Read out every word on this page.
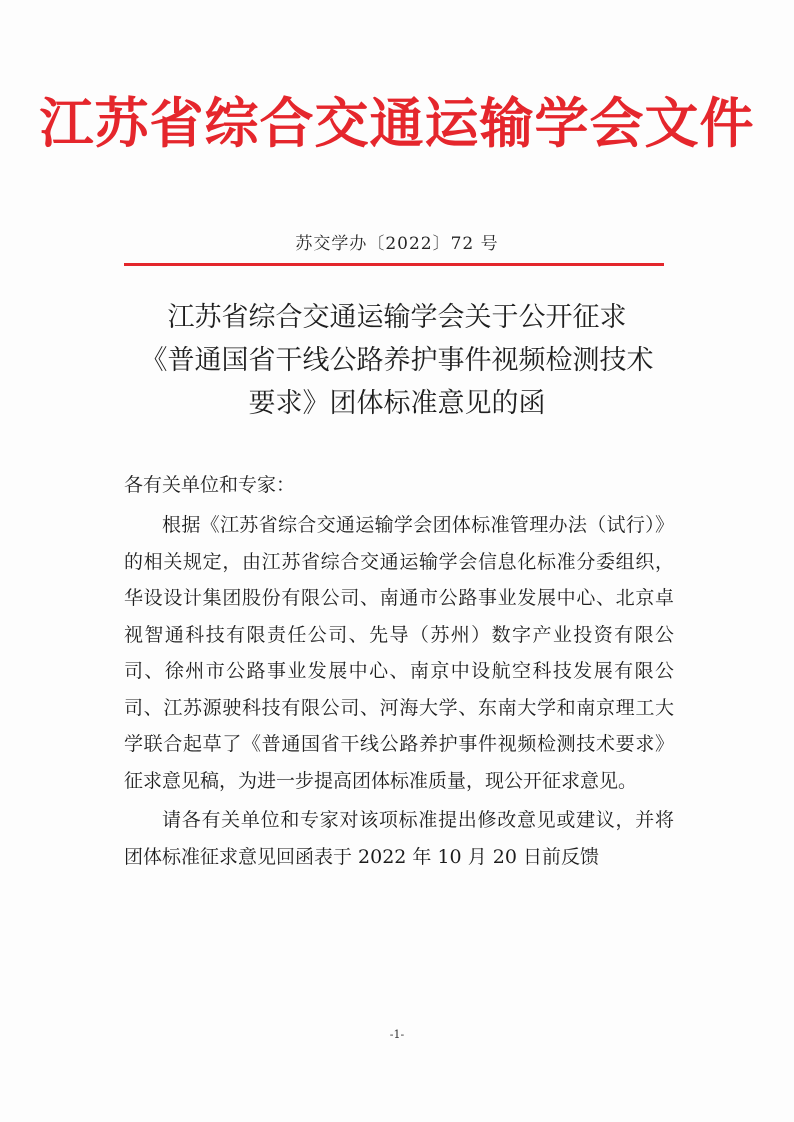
江苏省综合交通运输学会文件
苏交学办〔2022〕72 号
江苏省综合交通运输学会关于公开征求
《普通国省干线公路养护事件视频检测技术
要求》团体标准意见的函
各有关单位和专家：

根据《江苏省综合交通运输学会团体标准管理办法（试行）》的相关规定，由江苏省综合交通运输学会信息化标准分委组织，华设设计集团股份有限公司、南通市公路事业发展中心、北京卓视智通科技有限责任公司、先导（苏州）数字产业投资有限公司、徐州市公路事业发展中心、南京中设航空科技发展有限公司、江苏源驶科技有限公司、河海大学、东南大学和南京理工大学联合起草了《普通国省干线公路养护事件视频检测技术要求》征求意见稿，为进一步提高团体标准质量，现公开征求意见。

请各有关单位和专家对该项标准提出修改意见或建议，并将团体标准征求意见回函表于 2022 年 10 月 20 日前反馈

-1-
